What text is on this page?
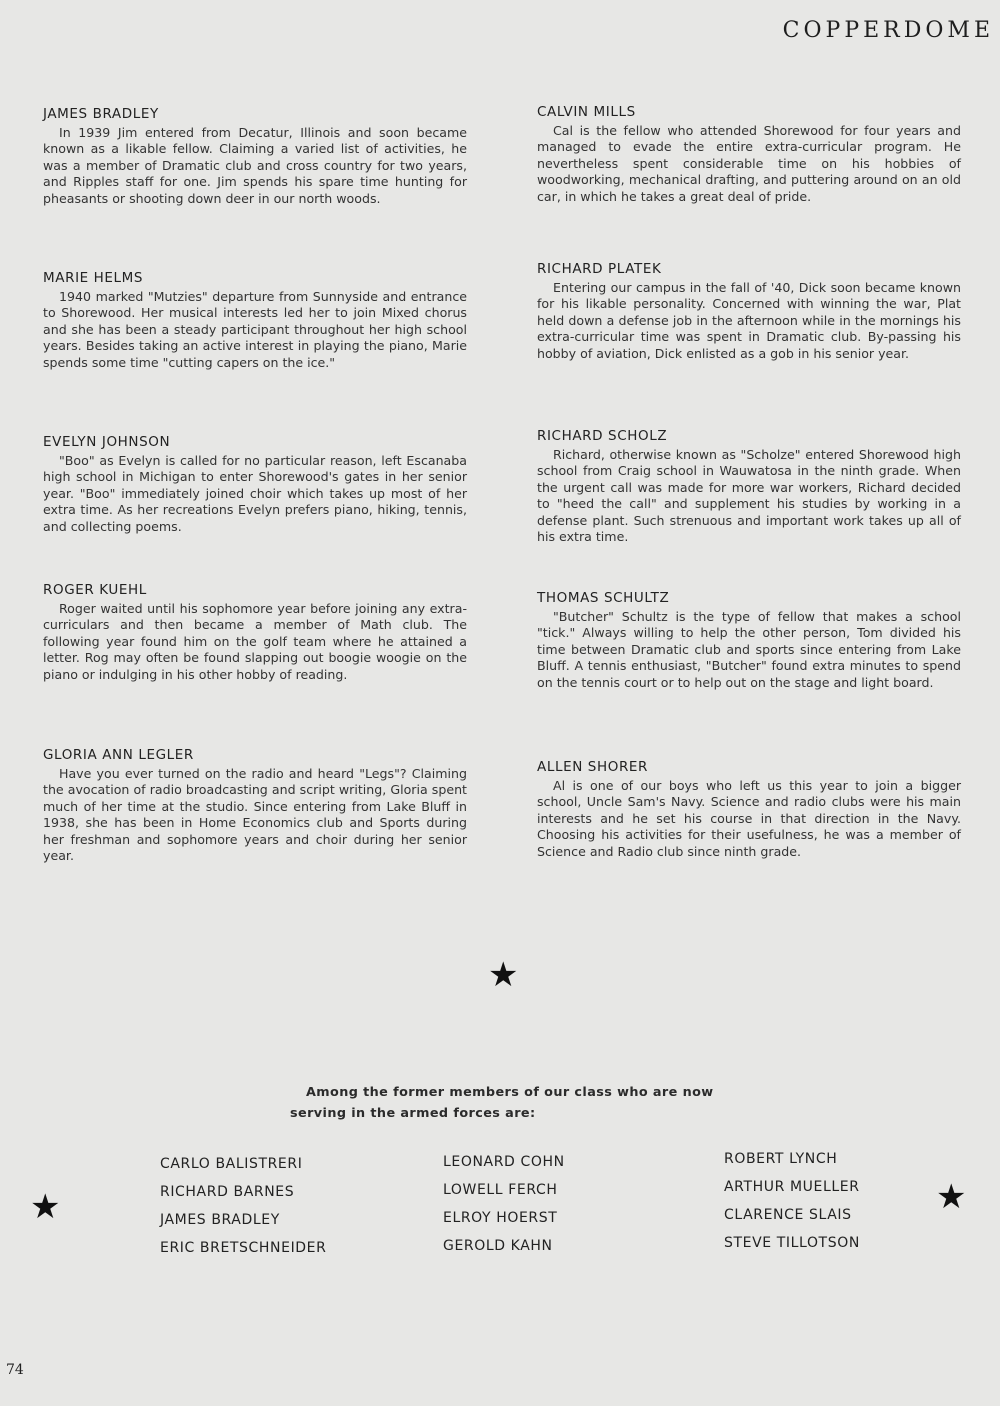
COPPERDOME
JAMES BRADLEY

In 1939 Jim entered from Decatur, Illinois and soon became known as a likable fellow. Claiming a varied list of activities, he was a member of Dramatic club and cross country for two years, and Ripples staff for one. Jim spends his spare time hunting for pheasants or shooting down deer in our north woods.

MARIE HELMS

1940 marked "Mutzies" departure from Sunnyside and entrance to Shorewood. Her musical interests led her to join Mixed chorus and she has been a steady participant throughout her high school years. Besides taking an active interest in playing the piano, Marie spends some time "cutting capers on the ice."

EVELYN JOHNSON

"Boo" as Evelyn is called for no particular reason, left Escanaba high school in Michigan to enter Shorewood's gates in her senior year. "Boo" immediately joined choir which takes up most of her extra time. As her recreations Evelyn prefers piano, hiking, tennis, and collecting poems.

ROGER KUEHL

Roger waited until his sophomore year before joining any extra-curriculars and then became a member of Math club. The following year found him on the golf team where he attained a letter. Rog may often be found slapping out boogie woogie on the piano or indulging in his other hobby of reading.

GLORIA ANN LEGLER

Have you ever turned on the radio and heard "Legs"? Claiming the avocation of radio broadcasting and script writing, Gloria spent much of her time at the studio. Since entering from Lake Bluff in 1938, she has been in Home Economics club and Sports during her freshman and sophomore years and choir during her senior year.

CALVIN MILLS

Cal is the fellow who attended Shorewood for four years and managed to evade the entire extra-curricular program. He nevertheless spent considerable time on his hobbies of woodworking, mechanical drafting, and puttering around on an old car, in which he takes a great deal of pride.

RICHARD PLATEK

Entering our campus in the fall of '40, Dick soon became known for his likable personality. Concerned with winning the war, Plat held down a defense job in the afternoon while in the mornings his extra-curricular time was spent in Dramatic club. By-passing his hobby of aviation, Dick enlisted as a gob in his senior year.

RICHARD SCHOLZ

Richard, otherwise known as "Scholze" entered Shorewood high school from Craig school in Wauwatosa in the ninth grade. When the urgent call was made for more war workers, Richard decided to "heed the call" and supplement his studies by working in a defense plant. Such strenuous and important work takes up all of his extra time.

THOMAS SCHULTZ

"Butcher" Schultz is the type of fellow that makes a school "tick." Always willing to help the other person, Tom divided his time between Dramatic club and sports since entering from Lake Bluff. A tennis enthusiast, "Butcher" found extra minutes to spend on the tennis court or to help out on the stage and light board.

ALLEN SHORER

Al is one of our boys who left us this year to join a bigger school, Uncle Sam's Navy. Science and radio clubs were his main interests and he set his course in that direction in the Navy. Choosing his activities for their usefulness, he was a member of Science and Radio club since ninth grade.

★
Among the former members of our class who are now
serving in the armed forces are:
★	★
CARLO BALISTRERI
RICHARD BARNES
JAMES BRADLEY
ERIC BRETSCHNEIDER
LEONARD COHN
LOWELL FERCH
ELROY HOERST
GEROLD KAHN
ROBERT LYNCH
ARTHUR MUELLER
CLARENCE SLAIS
STEVE TILLOTSON
74
